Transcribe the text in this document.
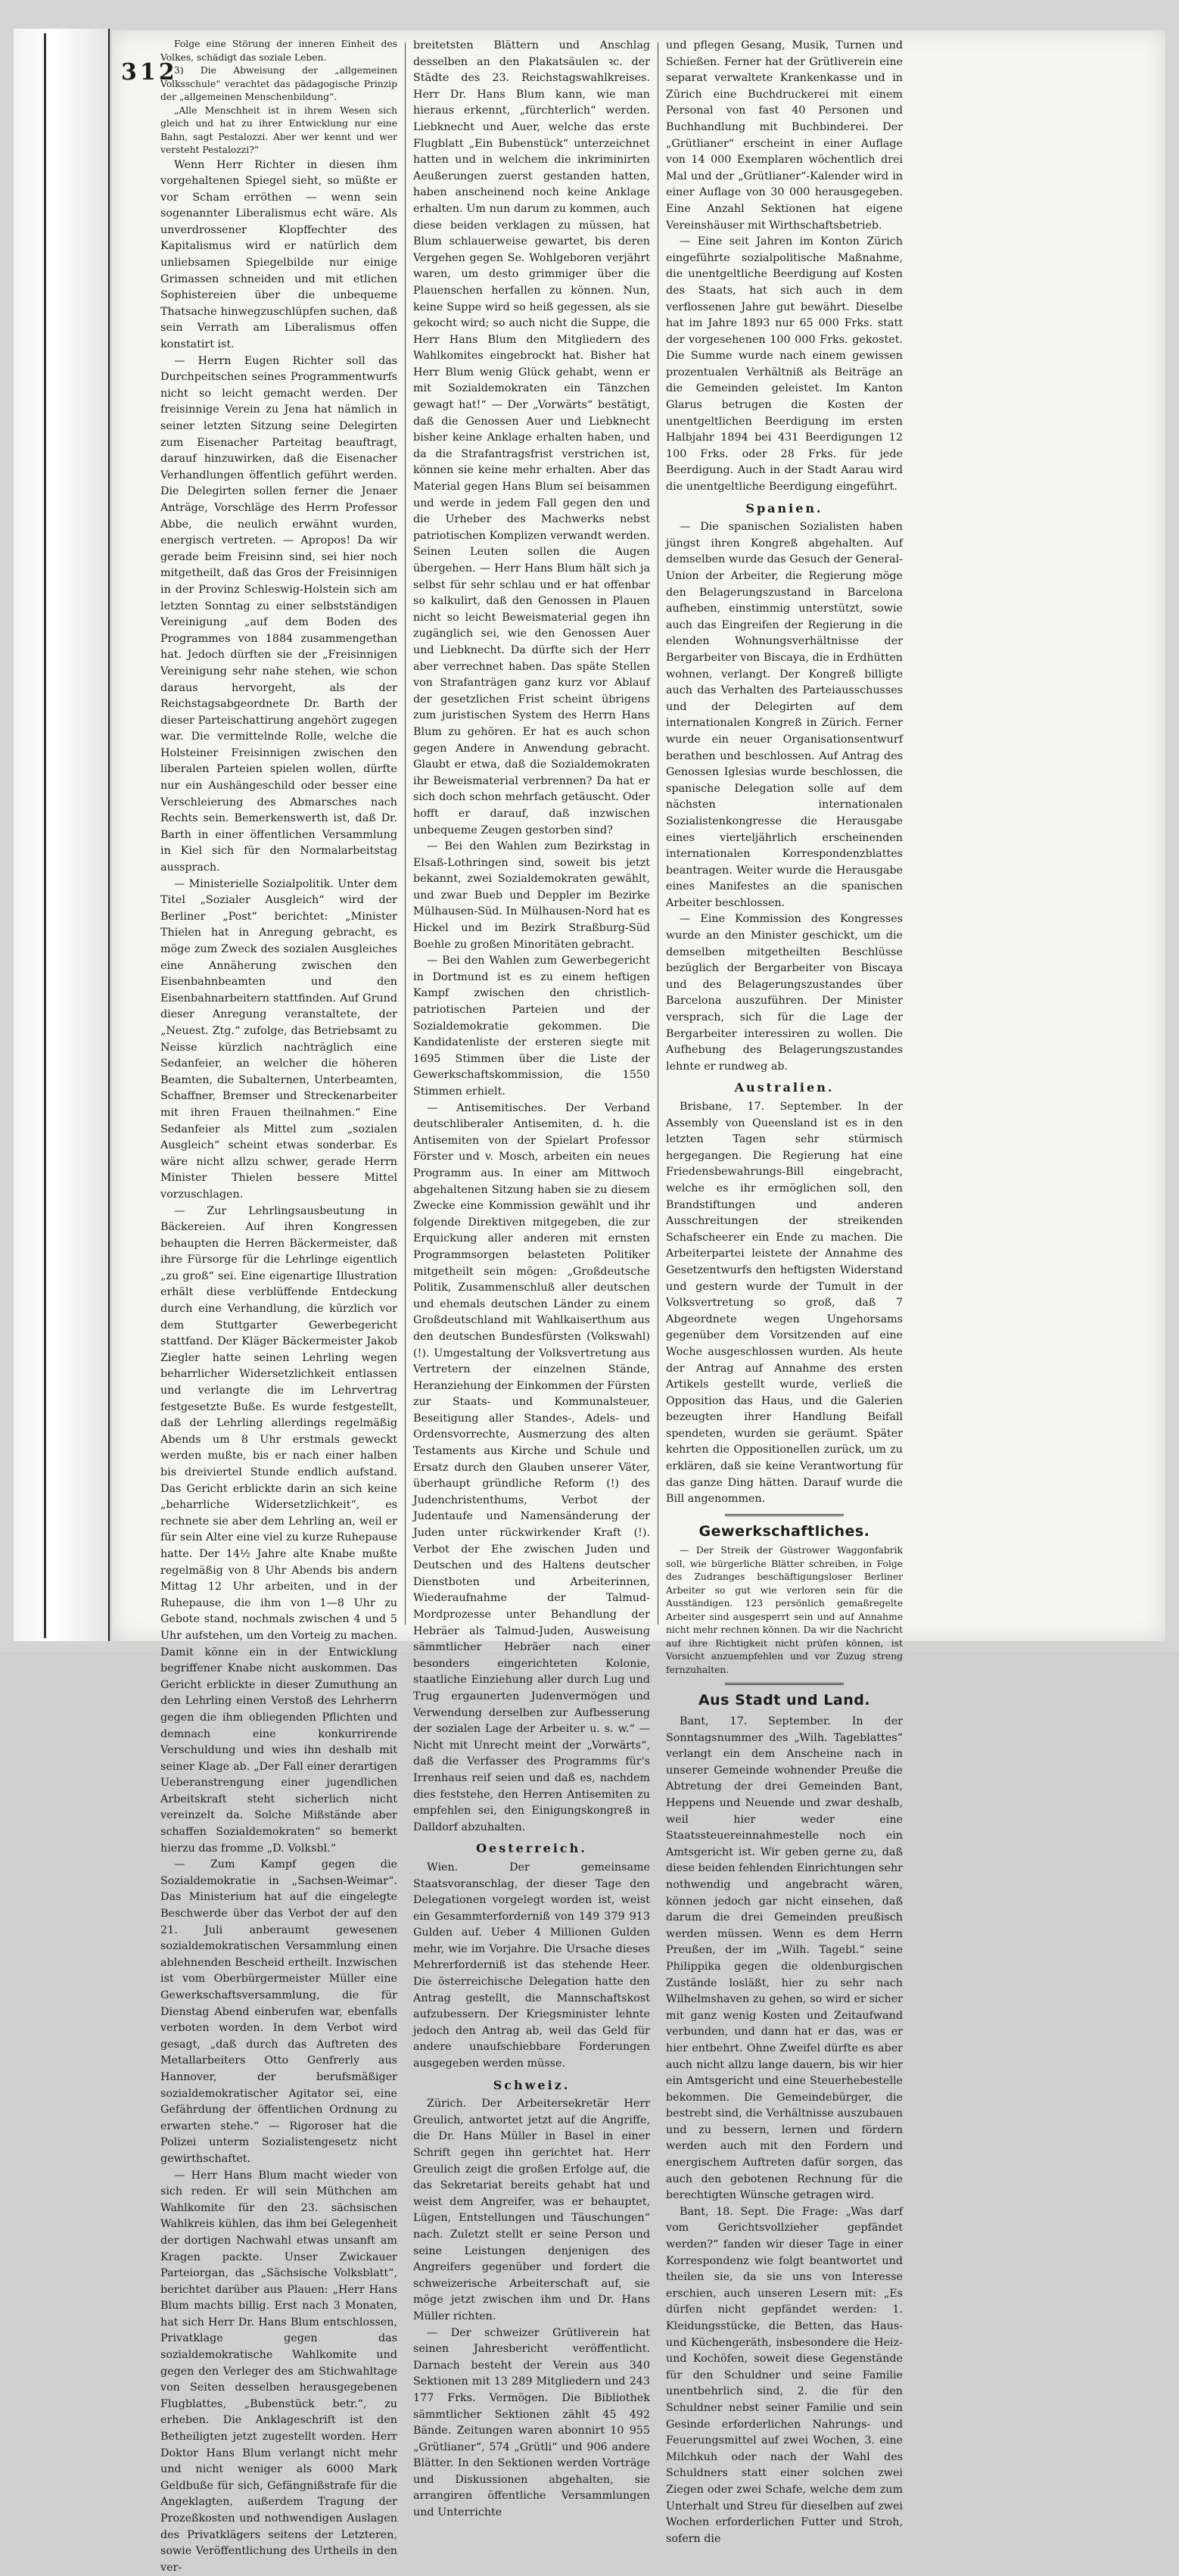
312

Folge eine Störung der inneren Einheit des Volkes, schädigt das soziale Leben.

3) Die Abweisung der „allgemeinen Volksschule“ verachtet das pädagogische Prinzip der „allgemeinen Menschenbildung“.

„Alle Menschheit ist in ihrem Wesen sich gleich und hat zu ihrer Entwicklung nur eine Bahn, sagt Pestalozzi. Aber wer kennt und wer versteht Pestalozzi?“

Wenn Herr Richter in diesen ihm vorgehaltenen Spiegel sieht, so müßte er vor Scham erröthen — wenn sein sogenannter Liberalismus echt wäre. Als unverdrossener Klopffechter des Kapitalismus wird er natürlich dem unliebsamen Spiegelbilde nur einige Grimassen schneiden und mit etlichen Sophistereien über die unbequeme Thatsache hinwegzuschlüpfen suchen, daß sein Verrath am Liberalismus offen konstatirt ist.

— Herrn Eugen Richter soll das Durchpeitschen seines Programmentwurfs nicht so leicht gemacht werden. Der freisinnige Verein zu Jena hat nämlich in seiner letzten Sitzung seine Delegirten zum Eisenacher Parteitag beauftragt, darauf hinzuwirken, daß die Eisenacher Verhandlungen öffentlich geführt werden. Die Delegirten sollen ferner die Jenaer Anträge, Vorschläge des Herrn Professor Abbe, die neulich erwähnt wurden, energisch vertreten. — Apropos! Da wir gerade beim Freisinn sind, sei hier noch mitgetheilt, daß das Gros der Freisinnigen in der Provinz Schleswig-Holstein sich am letzten Sonntag zu einer selbstständigen Vereinigung „auf dem Boden des Programmes von 1884 zusammengethan hat. Jedoch dürften sie der „Freisinnigen Vereinigung sehr nahe stehen, wie schon daraus hervorgeht, als der Reichstagsabgeordnete Dr. Barth der dieser Parteischattirung angehört zugegen war. Die vermittelnde Rolle, welche die Holsteiner Freisinnigen zwischen den liberalen Parteien spielen wollen, dürfte nur ein Aushängeschild oder besser eine Verschleierung des Abmarsches nach Rechts sein. Bemerkenswerth ist, daß Dr. Barth in einer öffentlichen Versammlung in Kiel sich für den Normalarbeitstag aussprach.

— Ministerielle Sozialpolitik. Unter dem Titel „Sozialer Ausgleich“ wird der Berliner „Post“ berichtet: „Minister Thielen hat in Anregung gebracht, es möge zum Zweck des sozialen Ausgleiches eine Annäherung zwischen den Eisenbahnbeamten und den Eisenbahnarbeitern stattfinden. Auf Grund dieser Anregung veranstaltete, der „Neuest. Ztg.“ zufolge, das Betriebsamt zu Neisse kürzlich nachträglich eine Sedanfeier, an welcher die höheren Beamten, die Subalternen, Unterbeamten, Schaffner, Bremser und Streckenarbeiter mit ihren Frauen theilnahmen.“ Eine Sedanfeier als Mittel zum „sozialen Ausgleich“ scheint etwas sonderbar. Es wäre nicht allzu schwer, gerade Herrn Minister Thielen bessere Mittel vorzuschlagen.

— Zur Lehrlingsausbeutung in Bäckereien. Auf ihren Kongressen behaupten die Herren Bäckermeister, daß ihre Fürsorge für die Lehrlinge eigentlich „zu groß“ sei. Eine eigenartige Illustration erhält diese verblüffende Entdeckung durch eine Verhandlung, die kürzlich vor dem Stuttgarter Gewerbegericht stattfand. Der Kläger Bäckermeister Jakob Ziegler hatte seinen Lehrling wegen beharrlicher Widersetzlichkeit entlassen und verlangte die im Lehrvertrag festgesetzte Buße. Es wurde festgestellt, daß der Lehrling allerdings regelmäßig Abends um 8 Uhr erstmals geweckt werden mußte, bis er nach einer halben bis dreiviertel Stunde endlich aufstand. Das Gericht erblickte darin an sich keine „beharrliche Widersetzlichkeit“, es rechnete sie aber dem Lehrling an, weil er für sein Alter eine viel zu kurze Ruhepause hatte. Der 14½ Jahre alte Knabe mußte regelmäßig von 8 Uhr Abends bis andern Mittag 12 Uhr arbeiten, und in der Ruhepause, die ihm von 1—8 Uhr zu Gebote stand, nochmals zwischen 4 und 5 Uhr aufstehen, um den Vorteig zu machen. Damit könne ein in der Entwicklung begriffener Knabe nicht auskommen. Das Gericht erblickte in dieser Zumuthung an den Lehrling einen Verstoß des Lehrherrn gegen die ihm obliegenden Pflichten und demnach eine konkurrirende Verschuldung und wies ihn deshalb mit seiner Klage ab. „Der Fall einer derartigen Ueberanstrengung einer jugendlichen Arbeitskraft steht sicherlich nicht vereinzelt da. Solche Mißstände aber schaffen Sozialdemokraten“ so bemerkt hierzu das fromme „D. Volksbl.“

— Zum Kampf gegen die Sozialdemokratie in „Sachsen-Weimar“. Das Ministerium hat auf die eingelegte Beschwerde über das Verbot der auf den 21. Juli anberaumt gewesenen sozialdemokratischen Versammlung einen ablehnenden Bescheid ertheilt. Inzwischen ist vom Oberbürgermeister Müller eine Gewerkschaftsversammlung, die für Dienstag Abend einberufen war, ebenfalls verboten worden. In dem Verbot wird gesagt, „daß durch das Auftreten des Metallarbeiters Otto Genfrerly aus Hannover, der berufsmäßiger sozialdemokratischer Agitator sei, eine Gefährdung der öffentlichen Ordnung zu erwarten stehe.“ — Rigoroser hat die Polizei unterm Sozialistengesetz nicht gewirthschaftet.

— Herr Hans Blum macht wieder von sich reden. Er will sein Müthchen am Wahlkomite für den 23. sächsischen Wahlkreis kühlen, das ihm bei Gelegenheit der dortigen Nachwahl etwas unsanft am Kragen packte. Unser Zwickauer Parteiorgan, das „Sächsische Volksblatt“, berichtet darüber aus Plauen: „Herr Hans Blum machts billig. Erst nach 3 Monaten, hat sich Herr Dr. Hans Blum entschlossen, Privatklage gegen das sozialdemokratische Wahlkomite und gegen den Verleger des am Stichwahltage von Seiten desselben herausgegebenen Flugblattes, „Bubenstück betr.“, zu erheben. Die Anklageschrift ist den Betheiligten jetzt zugestellt worden. Herr Doktor Hans Blum verlangt nicht mehr und nicht weniger als 6000 Mark Geldbuße für sich, Gefängnißstrafe für die Angeklagten, außerdem Tragung der Prozeßkosten und nothwendigen Auslagen des Privatklägers seitens der Letzteren, sowie Veröffentlichung des Urtheils in den ver-

breitetsten Blättern und Anschlag desselben an den Plakatsäulen ꝛc. der Städte des 23. Reichstagswahlkreises. Herr Dr. Hans Blum kann, wie man hieraus erkennt, „fürchterlich“ werden. Liebknecht und Auer, welche das erste Flugblatt „Ein Bubenstück“ unterzeichnet hatten und in welchem die inkriminirten Aeußerungen zuerst gestanden hatten, haben anscheinend noch keine Anklage erhalten. Um nun darum zu kommen, auch diese beiden verklagen zu müssen, hat Blum schlauerweise gewartet, bis deren Vergehen gegen Se. Wohlgeboren verjährt waren, um desto grimmiger über die Plauenschen herfallen zu können. Nun, keine Suppe wird so heiß gegessen, als sie gekocht wird; so auch nicht die Suppe, die Herr Hans Blum den Mitgliedern des Wahlkomites eingebrockt hat. Bisher hat Herr Blum wenig Glück gehabt, wenn er mit Sozialdemokraten ein Tänzchen gewagt hat!“ — Der „Vorwärts“ bestätigt, daß die Genossen Auer und Liebknecht bisher keine Anklage erhalten haben, und da die Strafantragsfrist verstrichen ist, können sie keine mehr erhalten. Aber das Material gegen Hans Blum sei beisammen und werde in jedem Fall gegen den und die Urheber des Machwerks nebst patriotischen Komplizen verwandt werden. Seinen Leuten sollen die Augen übergehen. — Herr Hans Blum hält sich ja selbst für sehr schlau und er hat offenbar so kalkulirt, daß den Genossen in Plauen nicht so leicht Beweismaterial gegen ihn zugänglich sei, wie den Genossen Auer und Liebknecht. Da dürfte sich der Herr aber verrechnet haben. Das späte Stellen von Strafanträgen ganz kurz vor Ablauf der gesetzlichen Frist scheint übrigens zum juristischen System des Herrn Hans Blum zu gehören. Er hat es auch schon gegen Andere in Anwendung gebracht. Glaubt er etwa, daß die Sozialdemokraten ihr Beweismaterial verbrennen? Da hat er sich doch schon mehrfach getäuscht. Oder hofft er darauf, daß inzwischen unbequeme Zeugen gestorben sind?

— Bei den Wahlen zum Bezirkstag in Elsaß-Lothringen sind, soweit bis jetzt bekannt, zwei Sozialdemokraten gewählt, und zwar Bueb und Deppler im Bezirke Mülhausen-Süd. In Mülhausen-Nord hat es Hickel und im Bezirk Straßburg-Süd Boehle zu großen Minoritäten gebracht.

— Bei den Wahlen zum Gewerbegericht in Dortmund ist es zu einem heftigen Kampf zwischen den christlich-patriotischen Parteien und der Sozialdemokratie gekommen. Die Kandidatenliste der ersteren siegte mit 1695 Stimmen über die Liste der Gewerkschaftskommission, die 1550 Stimmen erhielt.

— Antisemitisches. Der Verband deutschliberaler Antisemiten, d. h. die Antisemiten von der Spielart Professor Förster und v. Mosch, arbeiten ein neues Programm aus. In einer am Mittwoch abgehaltenen Sitzung haben sie zu diesem Zwecke eine Kommission gewählt und ihr folgende Direktiven mitgegeben, die zur Erquickung aller anderen mit ernsten Programmsorgen belasteten Politiker mitgetheilt sein mögen: „Großdeutsche Politik, Zusammenschluß aller deutschen und ehemals deutschen Länder zu einem Großdeutschland mit Wahlkaiserthum aus den deutschen Bundesfürsten (Volkswahl) (!). Umgestaltung der Volksvertretung aus Vertretern der einzelnen Stände, Heranziehung der Einkommen der Fürsten zur Staats- und Kommunalsteuer, Beseitigung aller Standes-, Adels- und Ordensvorrechte, Ausmerzung des alten Testaments aus Kirche und Schule und Ersatz durch den Glauben unserer Väter, überhaupt gründliche Reform (!) des Judenchristenthums, Verbot der Judentaufe und Namensänderung der Juden unter rückwirkender Kraft (!). Verbot der Ehe zwischen Juden und Deutschen und des Haltens deutscher Dienstboten und Arbeiterinnen, Wiederaufnahme der Talmud-Mordprozesse unter Behandlung der Hebräer als Talmud-Juden, Ausweisung sämmtlicher Hebräer nach einer besonders eingerichteten Kolonie, staatliche Einziehung aller durch Lug und Trug ergaunerten Judenvermögen und Verwendung derselben zur Aufbesserung der sozialen Lage der Arbeiter u. s. w.“ — Nicht mit Unrecht meint der „Vorwärts“, daß die Verfasser des Programms für's Irrenhaus reif seien und daß es, nachdem dies feststehe, den Herren Antisemiten zu empfehlen sei, den Einigungskongreß in Dalldorf abzuhalten.

Oesterreich.

Wien. Der gemeinsame Staatsvoranschlag, der dieser Tage den Delegationen vorgelegt worden ist, weist ein Gesammterforderniß von 149 379 913 Gulden auf. Ueber 4 Millionen Gulden mehr, wie im Vorjahre. Die Ursache dieses Mehrerforderniß ist das stehende Heer. Die österreichische Delegation hatte den Antrag gestellt, die Mannschaftskost aufzubessern. Der Kriegsminister lehnte jedoch den Antrag ab, weil das Geld für andere unaufschiebbare Forderungen ausgegeben werden müsse.

Schweiz.

Zürich. Der Arbeitersekretär Herr Greulich, antwortet jetzt auf die Angriffe, die Dr. Hans Müller in Basel in einer Schrift gegen ihn gerichtet hat. Herr Greulich zeigt die großen Erfolge auf, die das Sekretariat bereits gehabt hat und weist dem Angreifer, was er behauptet, Lügen, Entstellungen und Täuschungen“ nach. Zuletzt stellt er seine Person und seine Leistungen denjenigen des Angreifers gegenüber und fordert die schweizerische Arbeiterschaft auf, sie möge jetzt zwischen ihm und Dr. Hans Müller richten.

— Der schweizer Grütliverein hat seinen Jahresbericht veröffentlicht. Darnach besteht der Verein aus 340 Sektionen mit 13 289 Mitgliedern und 243 177 Frks. Vermögen. Die Bibliothek sämmtlicher Sektionen zählt 45 492 Bände. Zeitungen waren abonnirt 10 955 „Grütlianer“, 574 „Grütli“ und 906 andere Blätter. In den Sektionen werden Vorträge und Diskussionen abgehalten, sie arrangiren öffentliche Versammlungen und Unterrichte

und pflegen Gesang, Musik, Turnen und Schießen. Ferner hat der Grütliverein eine separat verwaltete Krankenkasse und in Zürich eine Buchdruckerei mit einem Personal von fast 40 Personen und Buchhandlung mit Buchbinderei. Der „Grütlianer“ erscheint in einer Auflage von 14 000 Exemplaren wöchentlich drei Mal und der „Grütlianer“-Kalender wird in einer Auflage von 30 000 herausgegeben. Eine Anzahl Sektionen hat eigene Vereinshäuser mit Wirthschaftsbetrieb.

— Eine seit Jahren im Konton Zürich eingeführte sozialpolitische Maßnahme, die unentgeltliche Beerdigung auf Kosten des Staats, hat sich auch in dem verflossenen Jahre gut bewährt. Dieselbe hat im Jahre 1893 nur 65 000 Frks. statt der vorgesehenen 100 000 Frks. gekostet. Die Summe wurde nach einem gewissen prozentualen Verhältniß als Beiträge an die Gemeinden geleistet. Im Kanton Glarus betrugen die Kosten der unentgeltlichen Beerdigung im ersten Halbjahr 1894 bei 431 Beerdigungen 12 100 Frks. oder 28 Frks. für jede Beerdigung. Auch in der Stadt Aarau wird die unentgeltliche Beerdigung eingeführt.

Spanien.

— Die spanischen Sozialisten haben jüngst ihren Kongreß abgehalten. Auf demselben wurde das Gesuch der General-Union der Arbeiter, die Regierung möge den Belagerungszustand in Barcelona aufheben, einstimmig unterstützt, sowie auch das Eingreifen der Regierung in die elenden Wohnungsverhältnisse der Bergarbeiter von Biscaya, die in Erdhütten wohnen, verlangt. Der Kongreß billigte auch das Verhalten des Parteiausschusses und der Delegirten auf dem internationalen Kongreß in Zürich. Ferner wurde ein neuer Organisationsentwurf berathen und beschlossen. Auf Antrag des Genossen Iglesias wurde beschlossen, die spanische Delegation solle auf dem nächsten internationalen Sozialistenkongresse die Herausgabe eines vierteljährlich erscheinenden internationalen Korrespondenzblattes beantragen. Weiter wurde die Herausgabe eines Manifestes an die spanischen Arbeiter beschlossen.

— Eine Kommission des Kongresses wurde an den Minister geschickt, um die demselben mitgetheilten Beschlüsse bezüglich der Bergarbeiter von Biscaya und des Belagerungszustandes über Barcelona auszuführen. Der Minister versprach, sich für die Lage der Bergarbeiter interessiren zu wollen. Die Aufhebung des Belagerungszustandes lehnte er rundweg ab.

Australien.

Brisbane, 17. September. In der Assembly von Queensland ist es in den letzten Tagen sehr stürmisch hergegangen. Die Regierung hat eine Friedensbewahrungs-Bill eingebracht, welche es ihr ermöglichen soll, den Brandstiftungen und anderen Ausschreitungen der streikenden Schafscheerer ein Ende zu machen. Die Arbeiterpartei leistete der Annahme des Gesetzentwurfs den heftigsten Widerstand und gestern wurde der Tumult in der Volksvertretung so groß, daß 7 Abgeordnete wegen Ungehorsams gegenüber dem Vorsitzenden auf eine Woche ausgeschlossen wurden. Als heute der Antrag auf Annahme des ersten Artikels gestellt wurde, verließ die Opposition das Haus, und die Galerien bezeugten ihrer Handlung Beifall spendeten, wurden sie geräumt. Später kehrten die Oppositionellen zurück, um zu erklären, daß sie keine Verantwortung für das ganze Ding hätten. Darauf wurde die Bill angenommen.

Gewerkschaftliches.

— Der Streik der Güstrower Waggonfabrik soll, wie bürgerliche Blätter schreiben, in Folge des Zudranges beschäftigungsloser Berliner Arbeiter so gut wie verloren sein für die Ausständigen. 123 persönlich gemaßregelte Arbeiter sind ausgesperrt sein und auf Annahme nicht mehr rechnen können. Da wir die Nachricht auf ihre Richtigkeit nicht prüfen können, ist Vorsicht anzuempfehlen und vor Zuzug streng fernzuhalten.

Aus Stadt und Land.

Bant, 17. September. In der Sonntagsnummer des „Wilh. Tageblattes“ verlangt ein dem Anscheine nach in unserer Gemeinde wohnender Preuße die Abtretung der drei Gemeinden Bant, Heppens und Neuende und zwar deshalb, weil hier weder eine Staatssteuereinnahmestelle noch ein Amtsgericht ist. Wir geben gerne zu, daß diese beiden fehlenden Einrichtungen sehr nothwendig und angebracht wären, können jedoch gar nicht einsehen, daß darum die drei Gemeinden preußisch werden müssen. Wenn es dem Herrn Preußen, der im „Wilh. Tagebl.“ seine Philippika gegen die oldenburgischen Zustände losläßt, hier zu sehr nach Wilhelmshaven zu gehen, so wird er sicher mit ganz wenig Kosten und Zeitaufwand verbunden, und dann hat er das, was er hier entbehrt. Ohne Zweifel dürfte es aber auch nicht allzu lange dauern, bis wir hier ein Amtsgericht und eine Steuerhebestelle bekommen. Die Gemeindebürger, die bestrebt sind, die Verhältnisse auszubauen und zu bessern, lernen und fördern werden auch mit den Fordern und energischem Auftreten dafür sorgen, das auch den gebotenen Rechnung für die berechtigten Wünsche getragen wird.

Bant, 18. Sept. Die Frage: „Was darf vom Gerichtsvollzieher gepfändet werden?“ fanden wir dieser Tage in einer Korrespondenz wie folgt beantwortet und theilen sie, da sie uns von Interesse erschien, auch unseren Lesern mit: „Es dürfen nicht gepfändet werden: 1. Kleidungsstücke, die Betten, das Haus- und Küchengeräth, insbesondere die Heiz- und Kochöfen, soweit diese Gegenstände für den Schuldner und seine Familie unentbehrlich sind, 2. die für den Schuldner nebst seiner Familie und sein Gesinde erforderlichen Nahrungs- und Feuerungsmittel auf zwei Wochen, 3. eine Milchkuh oder nach der Wahl des Schuldners statt einer solchen zwei Ziegen oder zwei Schafe, welche dem zum Unterhalt und Streu für dieselben auf zwei Wochen erforderlichen Futter und Stroh, sofern die
